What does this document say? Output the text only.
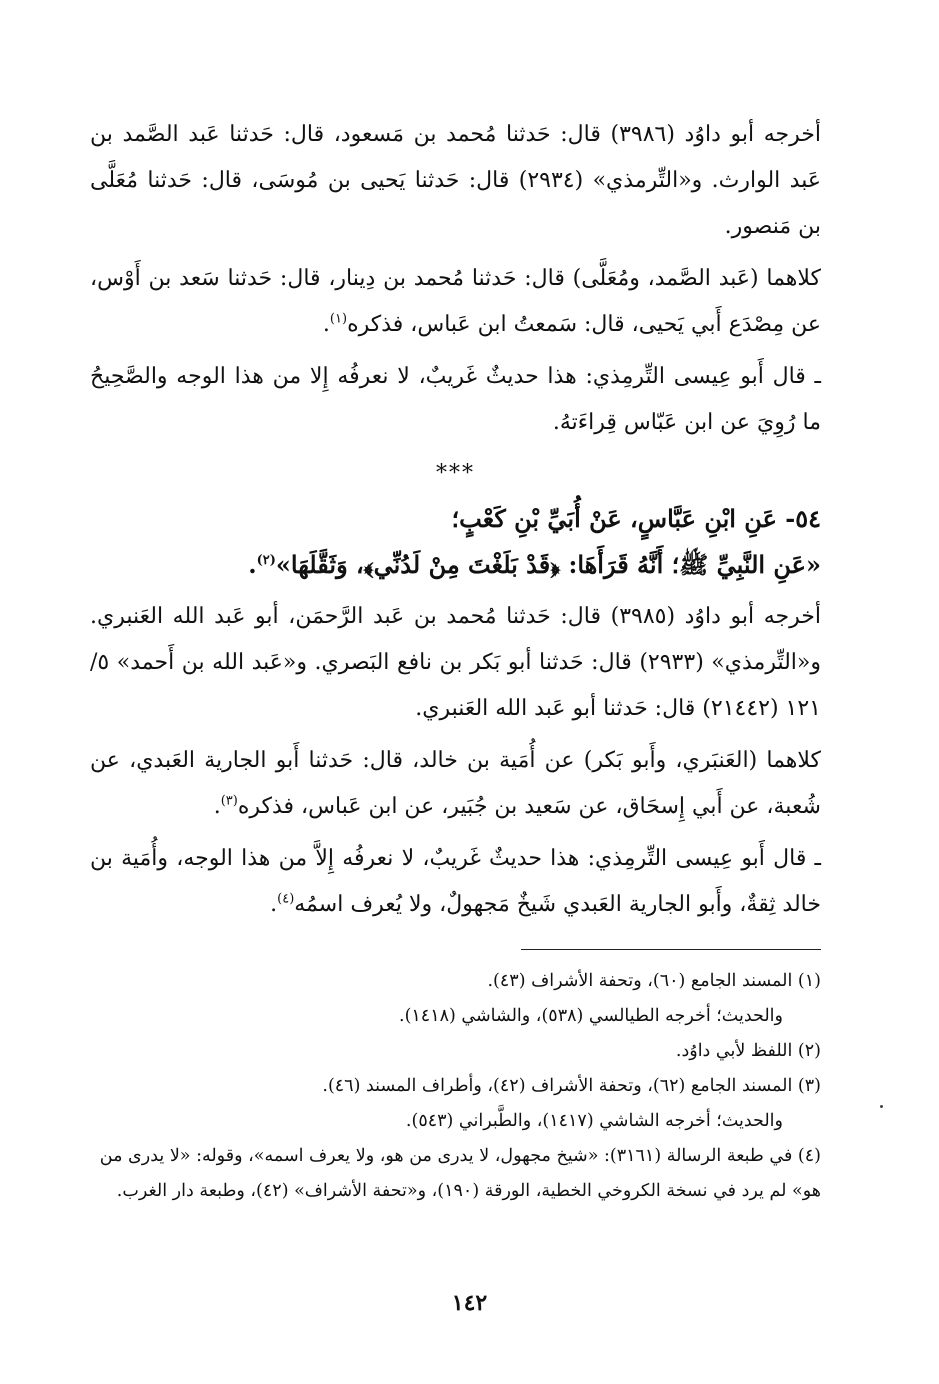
أخرجه أبو داوُد (٣٩٨٦) قال: حَدثنا مُحمد بن مَسعود، قال: حَدثنا عَبد الصَّمد بن عَبد الوارث. و«التِّرمذي» (٢٩٣٤) قال: حَدثنا يَحيى بن مُوسَى، قال: حَدثنا مُعَلَّى بن مَنصور.

كلاهما (عَبد الصَّمد، ومُعَلَّى) قال: حَدثنا مُحمد بن دِينار، قال: حَدثنا سَعد بن أَوْس، عن مِصْدَع أَبي يَحيى، قال: سَمعتُ ابن عَباس، فذكره$^{(١)}$.

ـ قال أَبو عِيسى التِّرمِذي: هذا حديثٌ غَريبٌ، لا نعرفُه إِلا من هذا الوجه والصَّحِيحُ ما رُوِيَ عن ابن عَبّاس قِراءَتهُ.

***

٥٤- عَنِ ابْنِ عَبَّاسٍ، عَنْ أُبَيِّ بْنِ كَعْبٍ؛

«عَنِ النَّبِيِّ ﷺ؛ أَنَّهُ قَرَأَهَا: ﴿قَدْ بَلَغْتَ مِنْ لَدُنِّي﴾، وَثَقَّلَهَا»$^{(٢)}$.

أخرجه أبو داوُد (٣٩٨٥) قال: حَدثنا مُحمد بن عَبد الرَّحمَن، أبو عَبد الله العَنبري. و«التِّرمذي» (٢٩٣٣) قال: حَدثنا أبو بَكر بن نافع البَصري. و«عَبد الله بن أَحمد» ٥/ ١٢١ (٢١٤٤٢) قال: حَدثنا أبو عَبد الله العَنبري.

كلاهما (العَنبَري، وأَبو بَكر) عن أُمَية بن خالد، قال: حَدثنا أَبو الجارية العَبدي، عن شُعبة، عن أَبي إِسحَاق، عن سَعيد بن جُبَير، عن ابن عَباس، فذكره$^{(٣)}$.

ـ قال أَبو عِيسى التِّرمِذي: هذا حديثٌ غَريبٌ، لا نعرفُه إِلاَّ من هذا الوجه، وأُمَية بن خالد ثِقةٌ، وأَبو الجارية العَبدي شَيخٌ مَجهولٌ، ولا يُعرف اسمُه$^{(٤)}$.

(١) المسند الجامع (٦٠)، وتحفة الأشراف (٤٣).

والحديث؛ أخرجه الطيالسي (٥٣٨)، والشاشي (١٤١٨).

(٢) اللفظ لأبي داوُد.

(٣) المسند الجامع (٦٢)، وتحفة الأشراف (٤٢)، وأطراف المسند (٤٦).

والحديث؛ أخرجه الشاشي (١٤١٧)، والطَّبراني (٥٤٣).

(٤) في طبعة الرسالة (٣١٦١): «شيخ مجهول، لا يدرى من هو، ولا يعرف اسمه»، وقوله: «لا يدرى من هو» لم يرد في نسخة الكروخي الخطية، الورقة (١٩٠)، و«تحفة الأشراف» (٤٢)، وطبعة دار الغرب.

١٤٢
